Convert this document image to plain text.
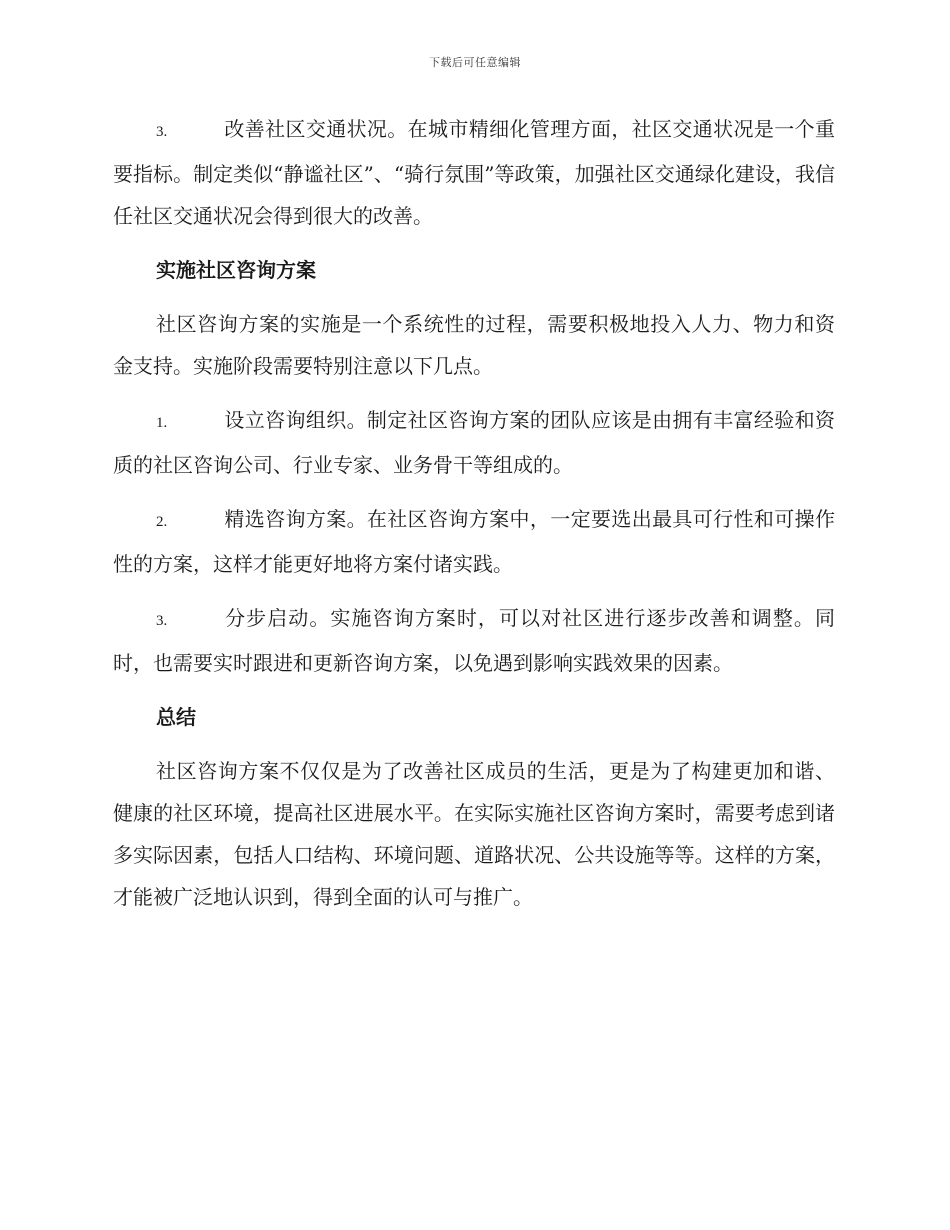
下载后可任意编辑

3.	改善社区交通状况。在城市精细化管理方面，社区交通状况是一个重要指标。制定类似“静谧社区”、“骑行氛围”等政策，加强社区交通绿化建设，我信任社区交通状况会得到很大的改善。

实施社区咨询方案

社区咨询方案的实施是一个系统性的过程，需要积极地投入人力、物力和资金支持。实施阶段需要特别注意以下几点。

1.	设立咨询组织。制定社区咨询方案的团队应该是由拥有丰富经验和资质的社区咨询公司、行业专家、业务骨干等组成的。

2.	精选咨询方案。在社区咨询方案中，一定要选出最具可行性和可操作性的方案，这样才能更好地将方案付诸实践。

3.	分步启动。实施咨询方案时，可以对社区进行逐步改善和调整。同时，也需要实时跟进和更新咨询方案，以免遇到影响实践效果的因素。

总结

社区咨询方案不仅仅是为了改善社区成员的生活，更是为了构建更加和谐、健康的社区环境，提高社区进展水平。在实际实施社区咨询方案时，需要考虑到诸多实际因素，包括人口结构、环境问题、道路状况、公共设施等等。这样的方案，才能被广泛地认识到，得到全面的认可与推广。
